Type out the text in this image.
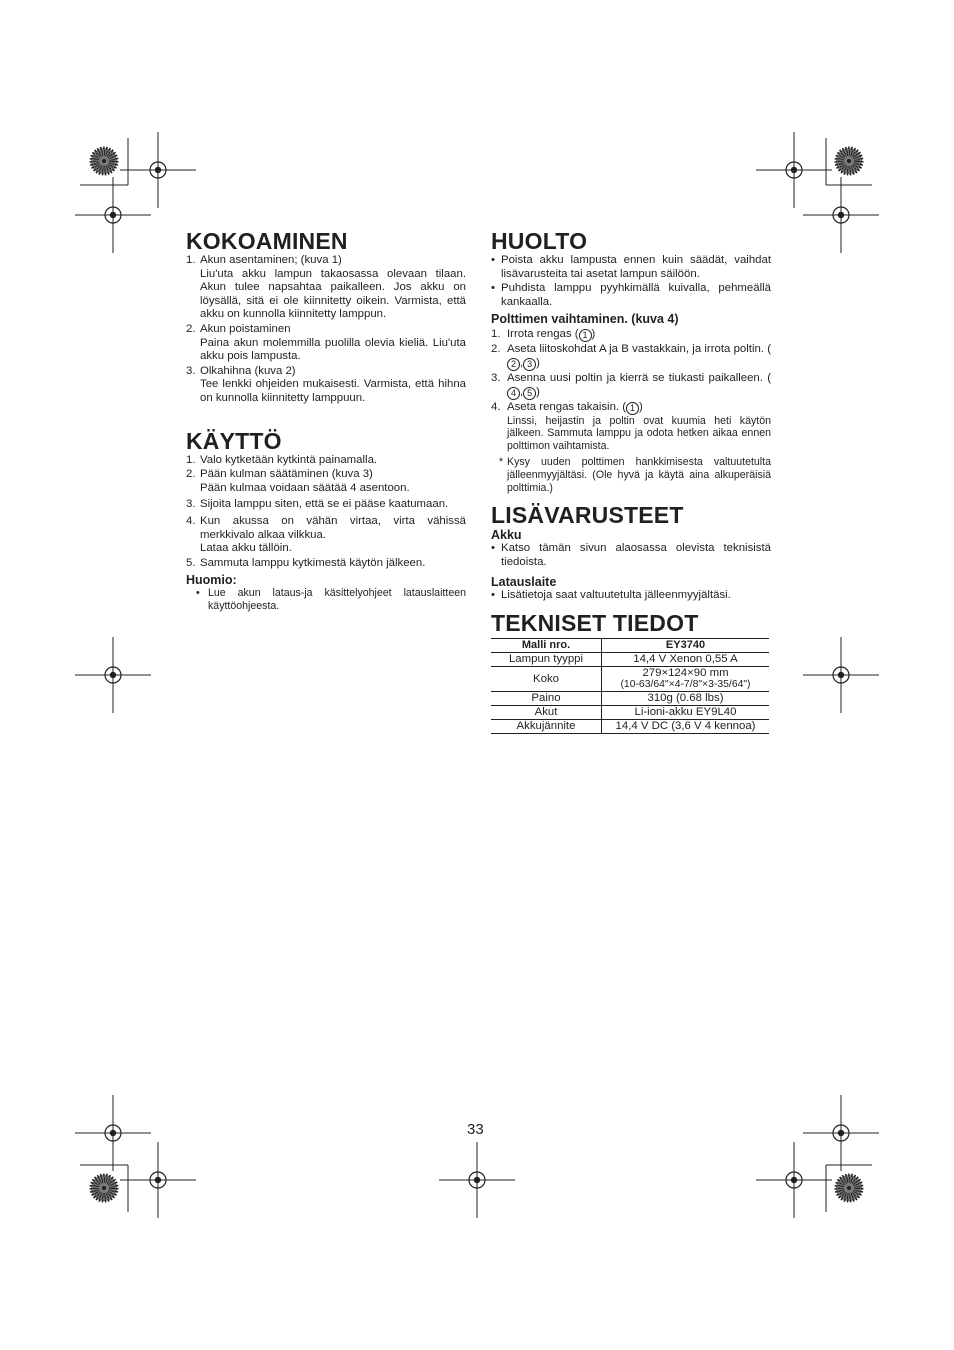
KOKOAMINEN
1. Akun asentaminen; (kuva 1)
Liu'uta akku lampun takaosassa olevaan tilaan. Akun tulee napsahtaa paikalleen. Jos akku on löysällä, sitä ei ole kiinnitetty oikein. Varmista, että akku on kunnolla kiinnitetty lamppun.
2. Akun poistaminen
Paina akun molemmilla puolilla olevia kieliä. Liu'uta akku pois lampusta.
3. Olkahihna (kuva 2)
Tee lenkki ohjeiden mukaisesti. Varmista, että hihna on kunnolla kiinnitetty lamppuun.
KÄYTTÖ
1. Valo kytketään kytkintä painamalla.
2. Pään kulman säätäminen (kuva 3)
Pään kulmaa voidaan säätää 4 asentoon.
3. Sijoita lamppu siten, että se ei pääse kaatumaan.
4. Kun akussa on vähän virtaa, virta vähissä merkkivalo alkaa vilkkua.
Lataa akku tällöin.
5. Sammuta lamppu kytkimestä käytön jälkeen.
Huomio:
• Lue akun lataus-ja käsittelyohjeet latauslaitteen käyttöohjeesta.
HUOLTO
• Poista akku lampusta ennen kuin säädät, vaihdat lisävarusteita tai asetat lampun säilöön.
• Puhdista lamppu pyyhkimällä kuivalla, pehmeällä kankaalla.
Polttimen vaihtaminen. (kuva 4)
1. Irrota rengas ( 1 )
2. Aseta liitoskohdat A ja B vastakkain, ja irrota poltin. (2 , 3 )
3. Asenna uusi poltin ja kierrä se tiukasti paikalleen. (4 , 5 )
4. Aseta rengas takaisin. ( 1 )
Linssi, heijastin ja poltin ovat kuumia heti käytön jälkeen. Sammuta lamppu ja odota hetken aikaa ennen polttimon vaihtamista.
* Kysy uuden polttimen hankkimisesta valtuutetulta jälleenmyyjältäsi. (Ole hyvä ja käytä aina alkuperäisiä polttimia.)
LISÄVARUSTEET
Akku
• Katso tämän sivun alaosassa olevista teknisistä tiedoista.
Latauslaite
• Lisätietoja saat valtuutetulta jälleenmyyjältäsi.
TEKNISET TIEDOT
Malli nro.	EY3740
Lampun tyyppi	14,4 V Xenon 0,55 A
Koko	279×124×90 mm
(10-63/64"×4-7/8"×3-35/64")

Paino	310g (0.68 lbs)
Akut	Li-ioni-akku EY9L40
Akkujännite	14,4 V DC (3,6 V 4 kennoa)
33
